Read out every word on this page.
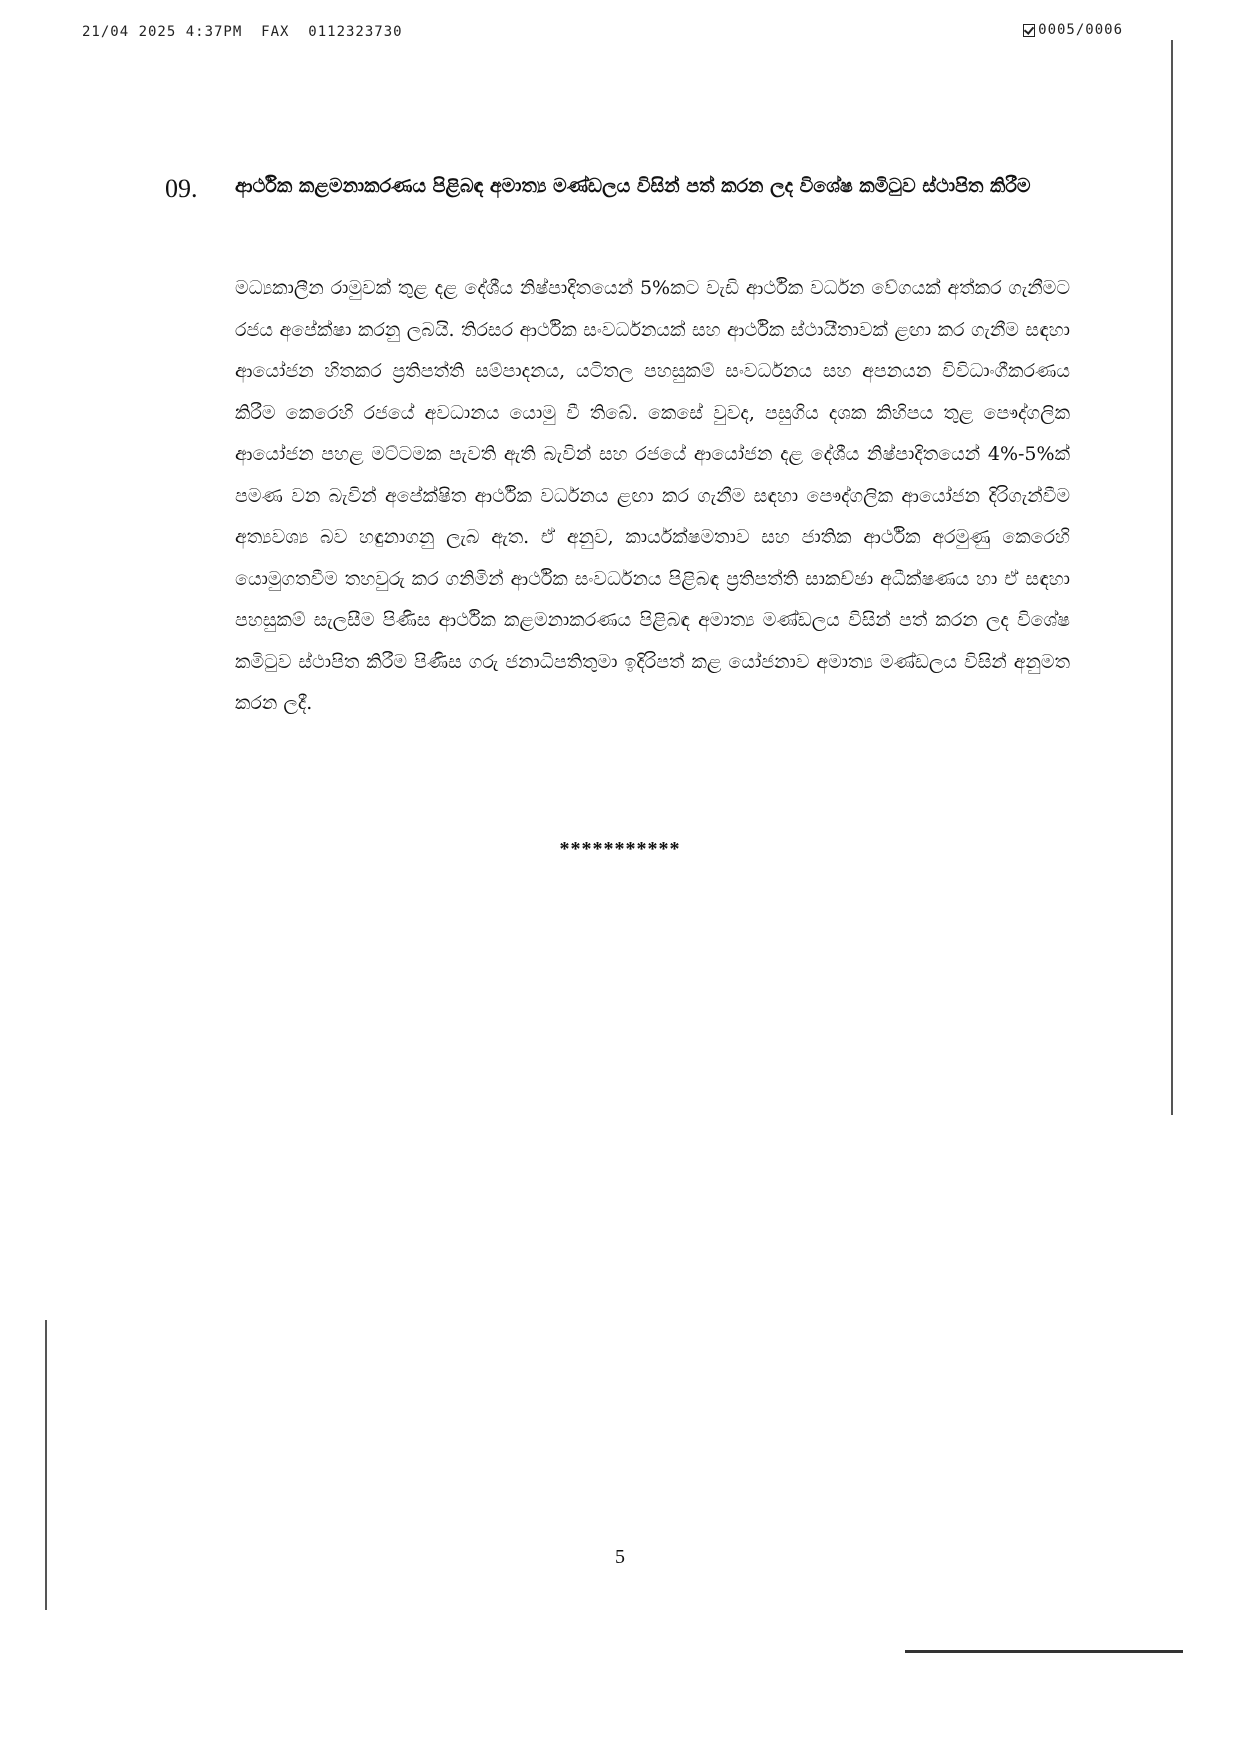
21/04 2025 4:37PM  FAX  0112323730	0005/0006
09. ආර්ථික කළමනාකරණය පිළිබඳ අමාත්‍ය මණ්ඩලය විසින් පත් කරන ලද විශේෂ කමිටුව ස්ථාපිත කිරීම
මධ්‍යකාලීන රාමුවක් තුළ දළ දේශීය නිෂ්පාදිතයෙන් 5%කට වැඩි ආර්ථික වර්ධන වේගයක් අත්කර ගැනීමට රජය අපේක්ෂා කරනු ලබයි. තිරසර ආර්ථික සංවර්ධනයක් සහ ආර්ථික ස්ථායීතාවක් ළඟා කර ගැනීම සඳහා ආයෝජන හිතකර ප්‍රතිපත්ති සම්පාදනය, යටිතල පහසුකම් සංවර්ධනය සහ අපනයන විවිධාංගීකරණය කිරීම කෙරෙහි රජයේ අවධානය යොමු වී තිබේ. කෙසේ වුවද, පසුගිය දශක කිහිපය තුළ පෞද්ගලික ආයෝජන පහළ මට්ටමක පැවති ඇති බැවින් සහ රජයේ ආයෝජන දළ දේශීය නිෂ්පාදිතයෙන් 4%-5%ක් පමණ වන බැවින් අපේක්ෂිත ආර්ථික වර්ධනය ළඟා කර ගැනීම සඳහා පෞද්ගලික ආයෝජන දිරිගැන්වීම අත්‍යවශ්‍ය බව හඳුනාගනු ලැබ ඇත. ඒ අනුව, කාර්යක්ෂමතාව සහ ජාතික ආර්ථික අරමුණු කෙරෙහි යොමුගතවීම තහවුරු කර ගනිමින් ආර්ථික සංවර්ධනය පිළිබඳ ප්‍රතිපත්ති සාකච්ඡා අධීක්ෂණය හා ඒ සඳහා පහසුකම් සැලසීම පිණිස ආර්ථික කළමනාකරණය පිළිබඳ අමාත්‍ය මණ්ඩලය විසින් පත් කරන ලද විශේෂ කමිටුව ස්ථාපිත කිරීම පිණිස ගරු ජනාධිපතිතුමා ඉදිරිපත් කළ යෝජනාව අමාත්‍ය මණ්ඩලය විසින් අනුමත කරන ලදී.
***********
5
